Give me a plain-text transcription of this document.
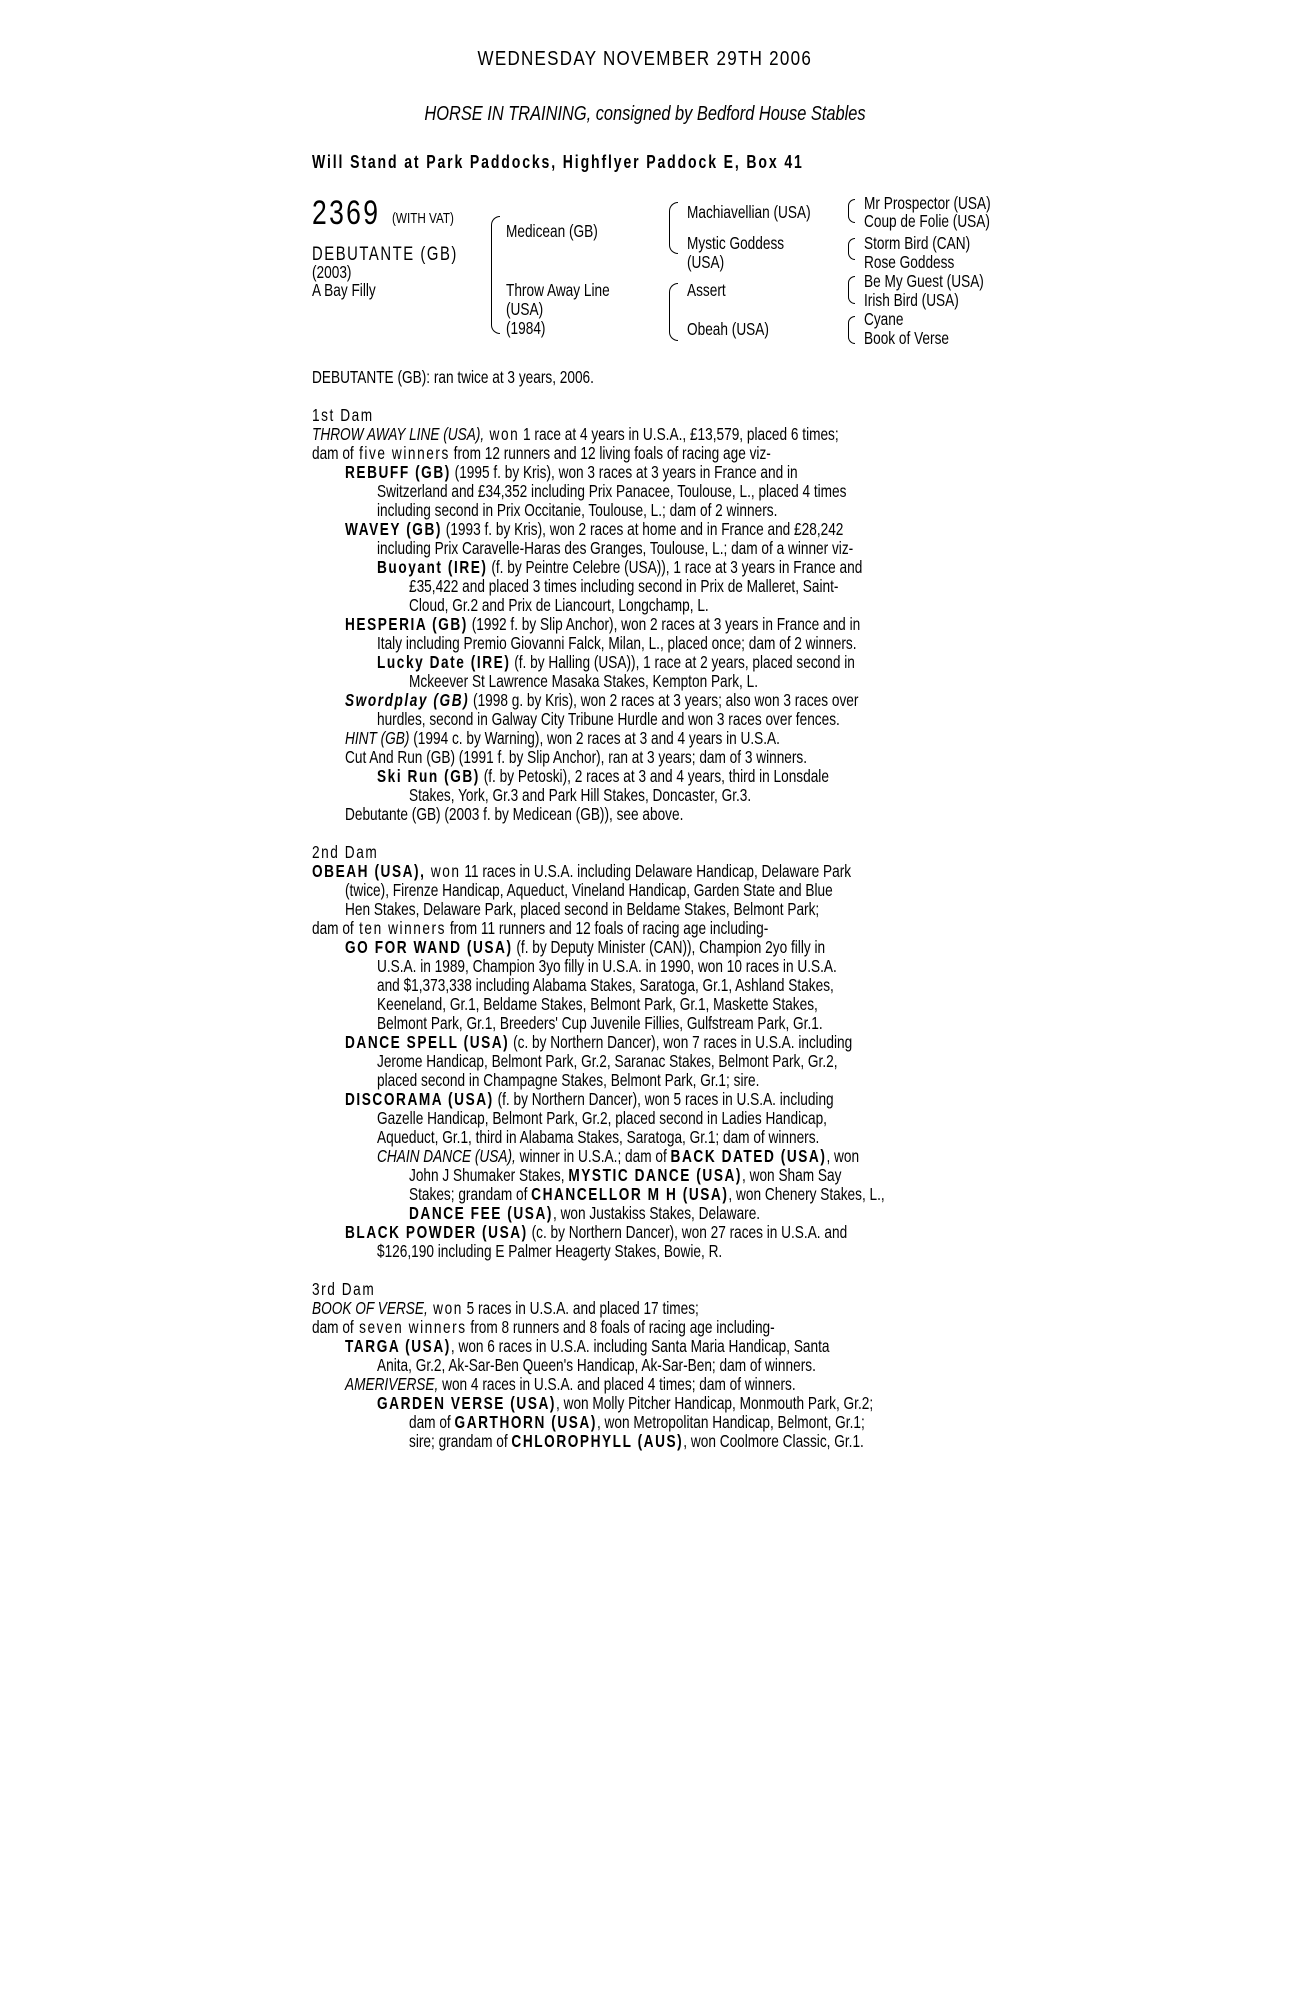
WEDNESDAY NOVEMBER 29TH 2006
HORSE IN TRAINING, consigned by Bedford House Stables
Will Stand at Park Paddocks, Highflyer Paddock E, Box 41
2369 (WITH VAT)
DEBUTANTE (GB)
(2003)
A Bay Filly
Medicean (GB)
Throw Away Line
(USA)
(1984)
Machiavellian (USA)
Mystic Goddess
(USA)
Assert
Obeah (USA)
Mr Prospector (USA)
Coup de Folie (USA)
Storm Bird (CAN)
Rose Goddess
Be My Guest (USA)
Irish Bird (USA)
Cyane
Book of Verse
DEBUTANTE (GB): ran twice at 3 years, 2006.
1st Dam
THROW AWAY LINE (USA), won 1 race at 4 years in U.S.A., £13,579, placed 6 times;
dam of five winners from 12 runners and 12 living foals of racing age viz-
REBUFF (GB) (1995 f. by Kris), won 3 races at 3 years in France and in
Switzerland and £34,352 including Prix Panacee, Toulouse, L., placed 4 times
including second in Prix Occitanie, Toulouse, L.; dam of 2 winners.
WAVEY (GB) (1993 f. by Kris), won 2 races at home and in France and £28,242
including Prix Caravelle-Haras des Granges, Toulouse, L.; dam of a winner viz-
Buoyant (IRE) (f. by Peintre Celebre (USA)), 1 race at 3 years in France and
£35,422 and placed 3 times including second in Prix de Malleret, Saint-
Cloud, Gr.2 and Prix de Liancourt, Longchamp, L.
HESPERIA (GB) (1992 f. by Slip Anchor), won 2 races at 3 years in France and in
Italy including Premio Giovanni Falck, Milan, L., placed once; dam of 2 winners.
Lucky Date (IRE) (f. by Halling (USA)), 1 race at 2 years, placed second in
Mckeever St Lawrence Masaka Stakes, Kempton Park, L.
Swordplay (GB) (1998 g. by Kris), won 2 races at 3 years; also won 3 races over
hurdles, second in Galway City Tribune Hurdle and won 3 races over fences.
HINT (GB) (1994 c. by Warning), won 2 races at 3 and 4 years in U.S.A.
Cut And Run (GB) (1991 f. by Slip Anchor), ran at 3 years; dam of 3 winners.
Ski Run (GB) (f. by Petoski), 2 races at 3 and 4 years, third in Lonsdale
Stakes, York, Gr.3 and Park Hill Stakes, Doncaster, Gr.3.
Debutante (GB) (2003 f. by Medicean (GB)), see above.
2nd Dam
OBEAH (USA), won 11 races in U.S.A. including Delaware Handicap, Delaware Park
(twice), Firenze Handicap, Aqueduct, Vineland Handicap, Garden State and Blue
Hen Stakes, Delaware Park, placed second in Beldame Stakes, Belmont Park;
dam of ten winners from 11 runners and 12 foals of racing age including-
GO FOR WAND (USA) (f. by Deputy Minister (CAN)), Champion 2yo filly in
U.S.A. in 1989, Champion 3yo filly in U.S.A. in 1990, won 10 races in U.S.A.
and $1,373,338 including Alabama Stakes, Saratoga, Gr.1, Ashland Stakes,
Keeneland, Gr.1, Beldame Stakes, Belmont Park, Gr.1, Maskette Stakes,
Belmont Park, Gr.1, Breeders' Cup Juvenile Fillies, Gulfstream Park, Gr.1.
DANCE SPELL (USA) (c. by Northern Dancer), won 7 races in U.S.A. including
Jerome Handicap, Belmont Park, Gr.2, Saranac Stakes, Belmont Park, Gr.2,
placed second in Champagne Stakes, Belmont Park, Gr.1; sire.
DISCORAMA (USA) (f. by Northern Dancer), won 5 races in U.S.A. including
Gazelle Handicap, Belmont Park, Gr.2, placed second in Ladies Handicap,
Aqueduct, Gr.1, third in Alabama Stakes, Saratoga, Gr.1; dam of winners.
CHAIN DANCE (USA), winner in U.S.A.; dam of BACK DATED (USA), won
John J Shumaker Stakes, MYSTIC DANCE (USA), won Sham Say
Stakes; grandam of CHANCELLOR M H (USA), won Chenery Stakes, L.,
DANCE FEE (USA), won Justakiss Stakes, Delaware.
BLACK POWDER (USA) (c. by Northern Dancer), won 27 races in U.S.A. and
$126,190 including E Palmer Heagerty Stakes, Bowie, R.
3rd Dam
BOOK OF VERSE, won 5 races in U.S.A. and placed 17 times;
dam of seven winners from 8 runners and 8 foals of racing age including-
TARGA (USA), won 6 races in U.S.A. including Santa Maria Handicap, Santa
Anita, Gr.2, Ak-Sar-Ben Queen's Handicap, Ak-Sar-Ben; dam of winners.
AMERIVERSE, won 4 races in U.S.A. and placed 4 times; dam of winners.
GARDEN VERSE (USA), won Molly Pitcher Handicap, Monmouth Park, Gr.2;
dam of GARTHORN (USA), won Metropolitan Handicap, Belmont, Gr.1;
sire; grandam of CHLOROPHYLL (AUS), won Coolmore Classic, Gr.1.
